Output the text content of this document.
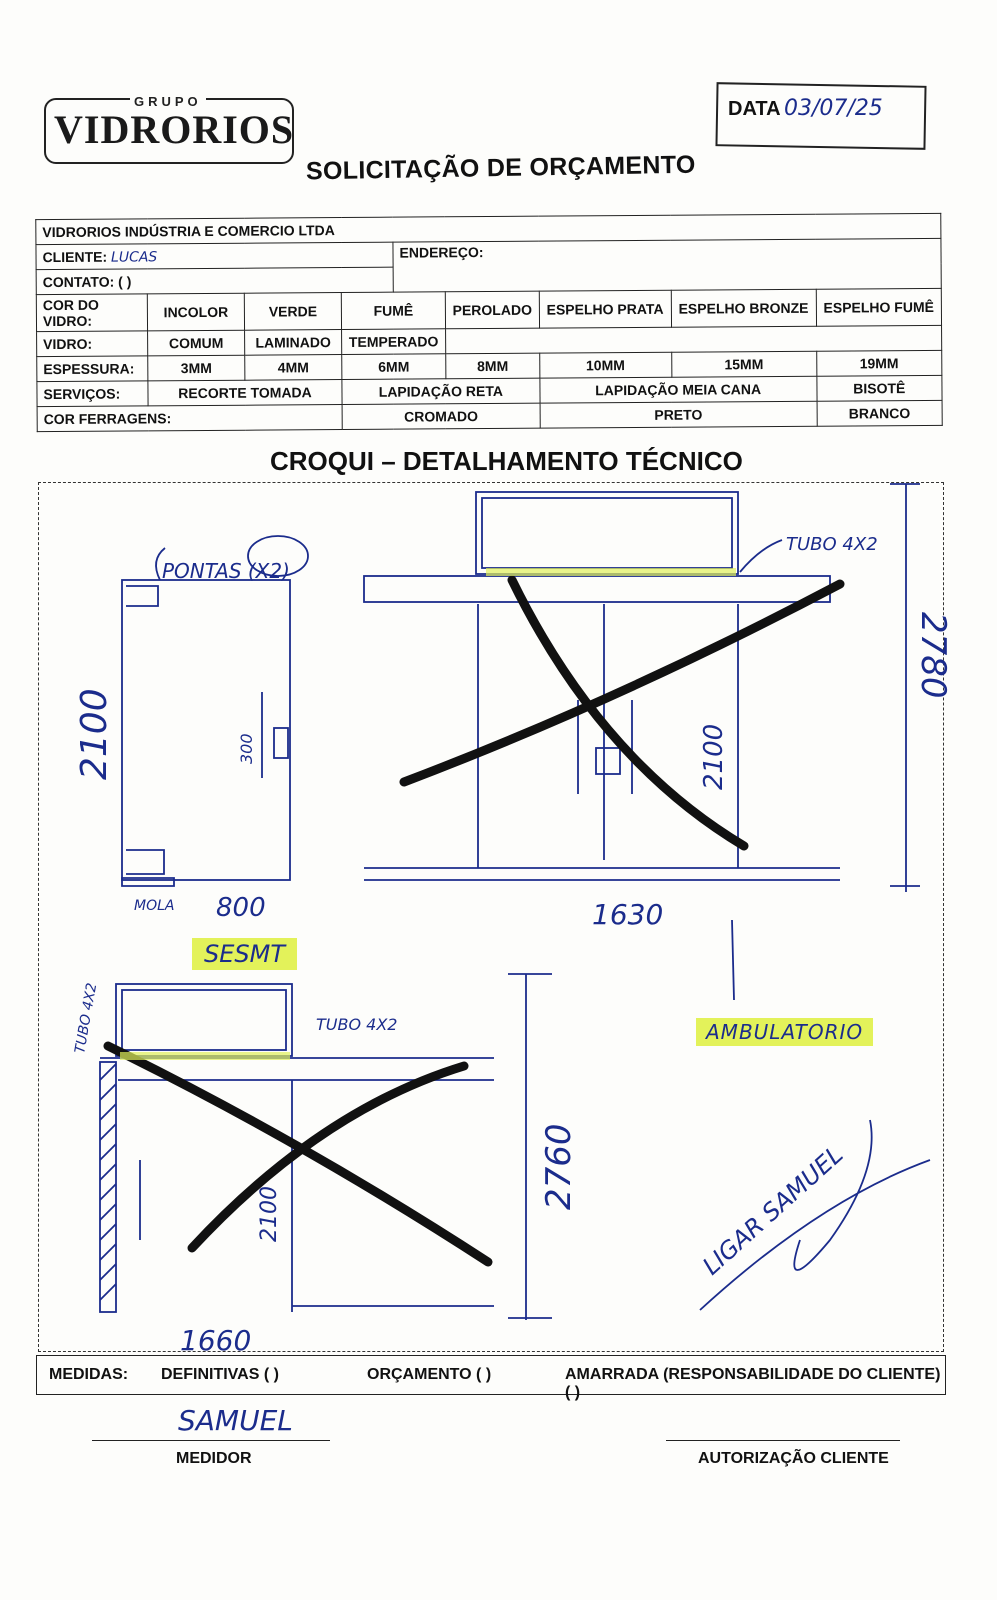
GRUPO
VIDRORIOS	DATA 03/07/25
SOLICITAÇÃO DE ORÇAMENTO
VIDRORIOS INDÚSTRIA E COMERCIO LTDA								
CLIENTE: LUCAS				ENDEREÇO:				
CONTATO: ( )								
COR DO VIDRO:	INCOLOR	VERDE	FUMÊ		PEROLADO	ESPELHO PRATA	ESPELHO BRONZE	ESPELHO FUMÊ
VIDRO:	COMUM	LAMINADO	TEMPERADO					
ESPESSURA:	3MM	4MM	6MM		8MM	10MM	15MM	19MM
SERVIÇOS:	RECORTE TOMADA		LAPIDAÇÃO RETA			LAPIDAÇÃO MEIA CANA		BISOTÊ
COR FERRAGENS:			CROMADO			PRETO		BRANCO
CROQUI – DETALHAMENTO TÉCNICO
PONTAS (X2)
MOLA 800
2100	300
TUBO 4X2
2780
2100
1630
TUBO 4X2	TUBO 4X2
2100
2760
1660
LIGAR SAMUEL
SESMT
AMBULATORIO
MEDIDAS: DEFINITIVAS ( )	ORÇAMENTO ( )	AMARRADA (RESPONSABILIDADE DO CLIENTE) ( )
SAMUEL
MEDIDOR	AUTORIZAÇÃO CLIENTE
